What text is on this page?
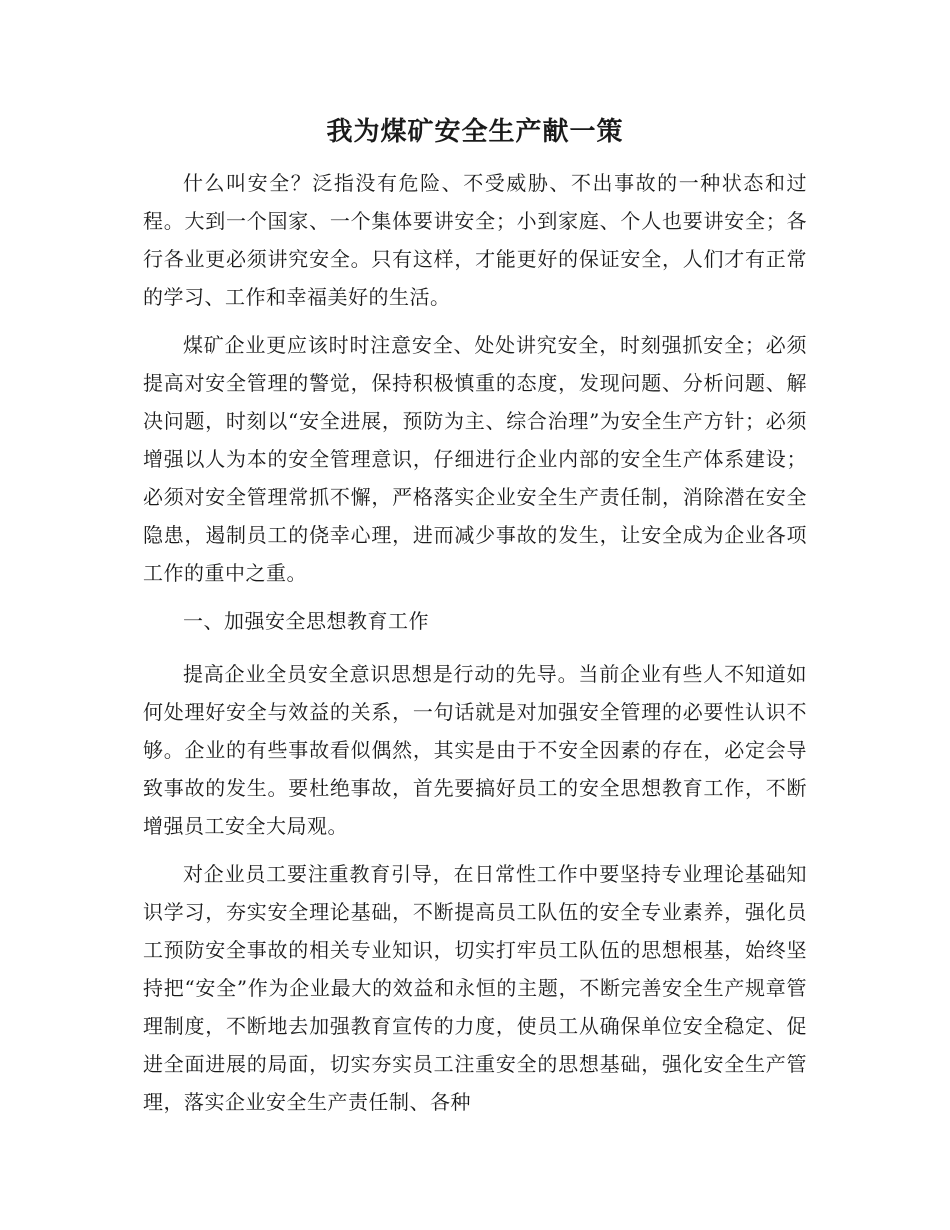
我为煤矿安全生产献一策

什么叫安全？泛指没有危险、不受威胁、不出事故的一种状态和过程。大到一个国家、一个集体要讲安全；小到家庭、个人也要讲安全；各行各业更必须讲究安全。只有这样，才能更好的保证安全，人们才有正常的学习、工作和幸福美好的生活。

煤矿企业更应该时时注意安全、处处讲究安全，时刻强抓安全；必须提高对安全管理的警觉，保持积极慎重的态度，发现问题、分析问题、解决问题，时刻以“安全进展，预防为主、综合治理”为安全生产方针；必须增强以人为本的安全管理意识，仔细进行企业内部的安全生产体系建设；必须对安全管理常抓不懈，严格落实企业安全生产责任制，消除潜在安全隐患，遏制员工的侥幸心理，进而减少事故的发生，让安全成为企业各项工作的重中之重。

一、加强安全思想教育工作

提高企业全员安全意识思想是行动的先导。当前企业有些人不知道如何处理好安全与效益的关系，一句话就是对加强安全管理的必要性认识不够。企业的有些事故看似偶然，其实是由于不安全因素的存在，必定会导致事故的发生。要杜绝事故，首先要搞好员工的安全思想教育工作，不断增强员工安全大局观。

对企业员工要注重教育引导，在日常性工作中要坚持专业理论基础知识学习，夯实安全理论基础，不断提高员工队伍的安全专业素养，强化员工预防安全事故的相关专业知识，切实打牢员工队伍的思想根基，始终坚持把“安全”作为企业最大的效益和永恒的主题，不断完善安全生产规章管理制度，不断地去加强教育宣传的力度，使员工从确保单位安全稳定、促进全面进展的局面，切实夯实员工注重安全的思想基础，强化安全生产管理，落实企业安全生产责任制、各种
